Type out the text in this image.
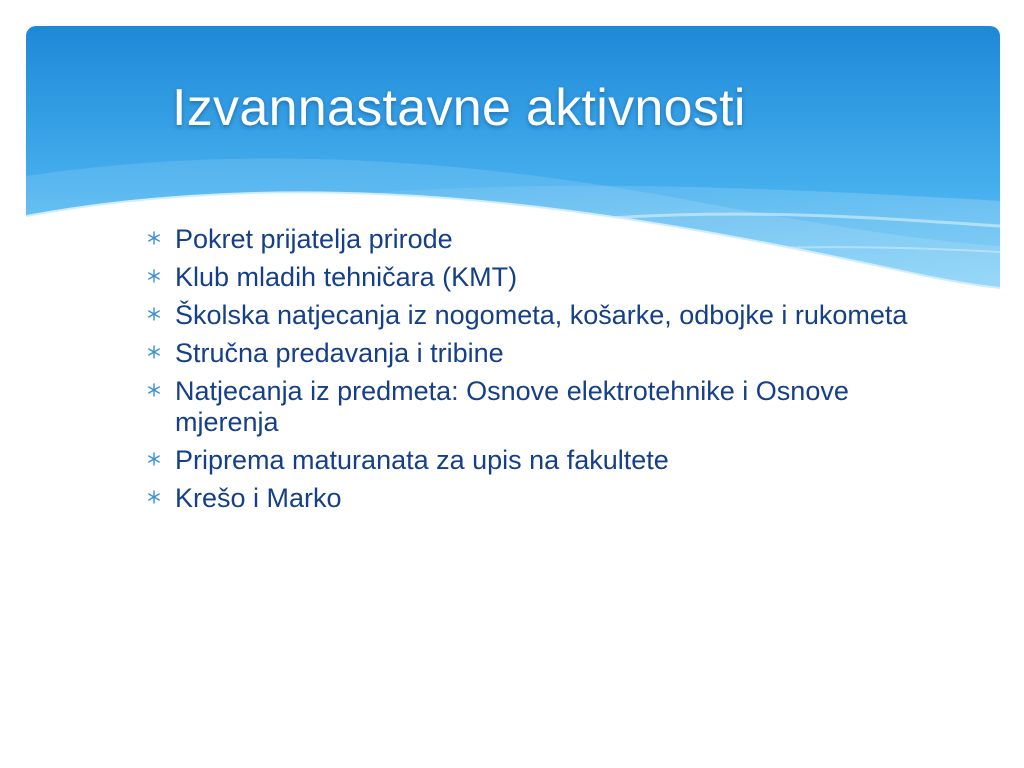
Izvannastavne aktivnosti
Pokret prijatelja prirode
Klub mladih tehničara (KMT)
Školska natjecanja iz nogometa, košarke, odbojke i rukometa
Stručna predavanja i tribine
Natjecanja iz predmeta: Osnove elektrotehnike i Osnove mjerenja
Priprema maturanata za upis na fakultete
Krešo i Marko
